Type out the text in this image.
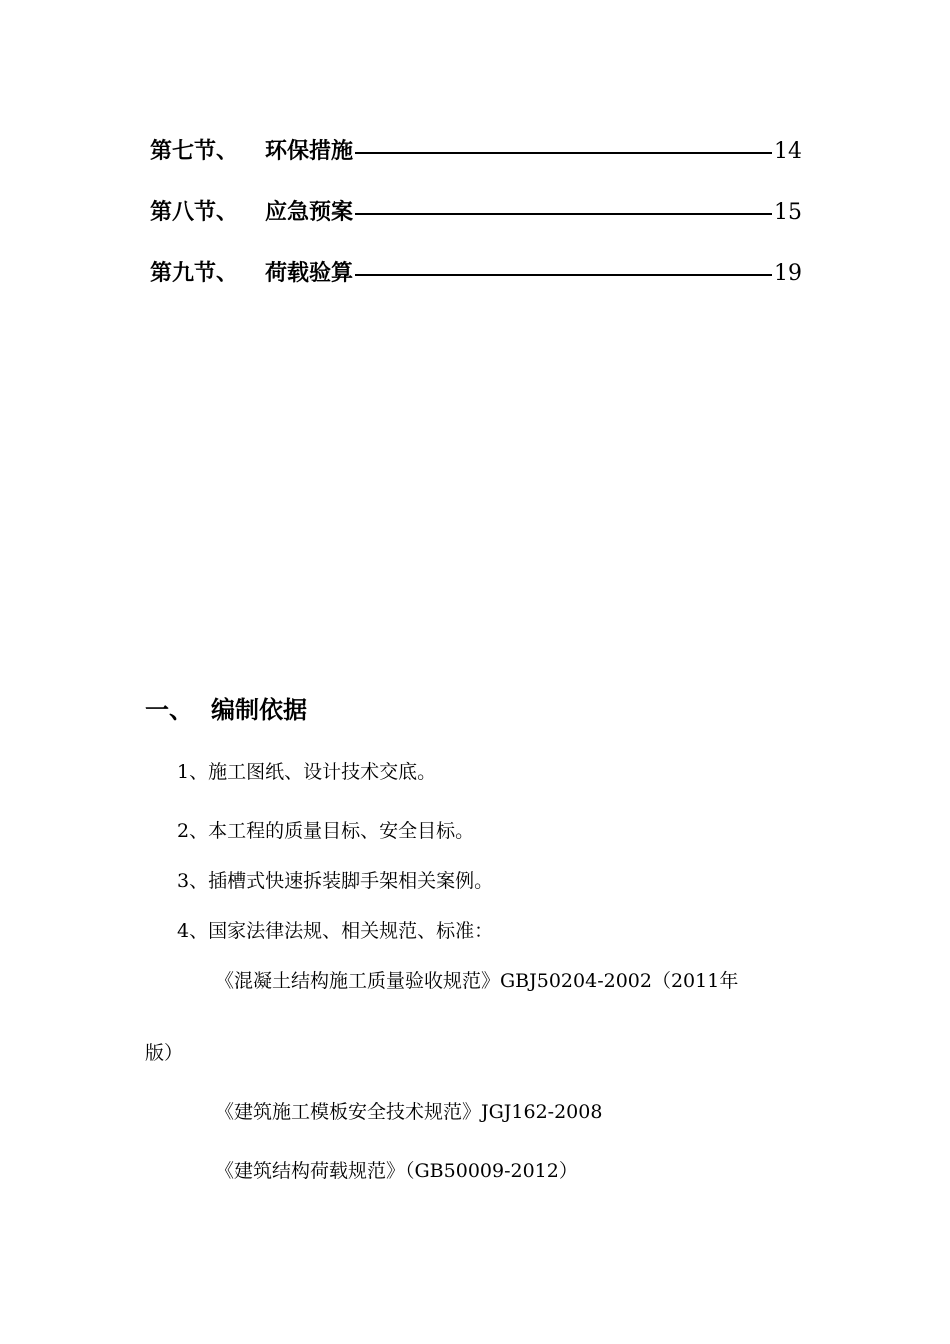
第七节、	环保措施	14
第八节、	应急预案	15
第九节、	荷载验算	19
一、 编制依据
1、施工图纸、设计技术交底。
2、本工程的质量目标、安全目标。
3、插槽式快速拆装脚手架相关案例。
4、国家法律法规、相关规范、标准：
《混凝土结构施工质量验收规范》GBJ50204-2002（2011年
版）
《建筑施工模板安全技术规范》JGJ162-2008
《建筑结构荷载规范》（GB50009-2012）
